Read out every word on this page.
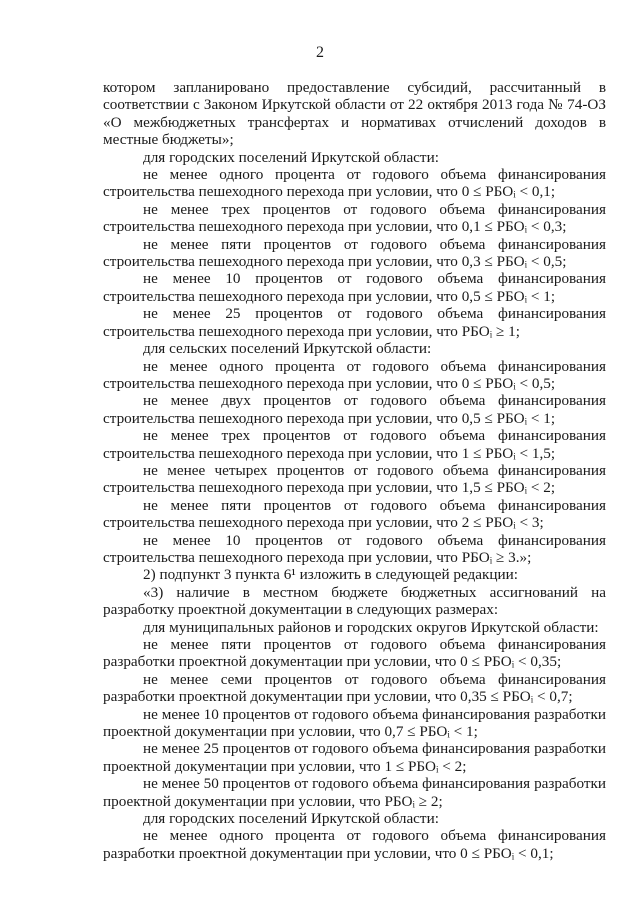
2

котором запланировано предоставление субсидий, рассчитанный в соответствии с Законом Иркутской области от 22 октября 2013 года № 74-ОЗ «О межбюджетных трансфертах и нормативах отчислений доходов в местные бюджеты»;

для городских поселений Иркутской области:

не менее одного процента от годового объема финансирования строительства пешеходного перехода при условии, что 0 ≤ РБОᵢ < 0,1;

не менее трех процентов от годового объема финансирования строительства пешеходного перехода при условии, что 0,1 ≤ РБОᵢ < 0,3;

не менее пяти процентов от годового объема финансирования строительства пешеходного перехода при условии, что 0,3 ≤ РБОᵢ < 0,5;

не менее 10 процентов от годового объема финансирования строительства пешеходного перехода при условии, что 0,5 ≤ РБОᵢ < 1;

не менее 25 процентов от годового объема финансирования строительства пешеходного перехода при условии, что РБОᵢ ≥ 1;

для сельских поселений Иркутской области:

не менее одного процента от годового объема финансирования строительства пешеходного перехода при условии, что 0 ≤ РБОᵢ < 0,5;

не менее двух процентов от годового объема финансирования строительства пешеходного перехода при условии, что 0,5 ≤ РБОᵢ < 1;

не менее трех процентов от годового объема финансирования строительства пешеходного перехода при условии, что 1 ≤ РБОᵢ < 1,5;

не менее четырех процентов от годового объема финансирования строительства пешеходного перехода при условии, что 1,5 ≤ РБОᵢ < 2;

не менее пяти процентов от годового объема финансирования строительства пешеходного перехода при условии, что 2 ≤ РБОᵢ < 3;

не менее 10 процентов от годового объема финансирования строительства пешеходного перехода при условии, что РБОᵢ ≥ 3.»;

2) подпункт 3 пункта 6¹ изложить в следующей редакции:

«3) наличие в местном бюджете бюджетных ассигнований на разработку проектной документации в следующих размерах:

для муниципальных районов и городских округов Иркутской области:

не менее пяти процентов от годового объема финансирования разработки проектной документации при условии, что 0 ≤ РБОᵢ < 0,35;

не менее семи процентов от годового объема финансирования разработки проектной документации при условии, что 0,35 ≤ РБОᵢ < 0,7;

не менее 10 процентов от годового объема финансирования разработки проектной документации при условии, что 0,7 ≤ РБОᵢ < 1;

не менее 25 процентов от годового объема финансирования разработки проектной документации при условии, что 1 ≤ РБОᵢ < 2;

не менее 50 процентов от годового объема финансирования разработки проектной документации при условии, что РБОᵢ ≥ 2;

для городских поселений Иркутской области:

не менее одного процента от годового объема финансирования разработки проектной документации при условии, что 0 ≤ РБОᵢ < 0,1;
